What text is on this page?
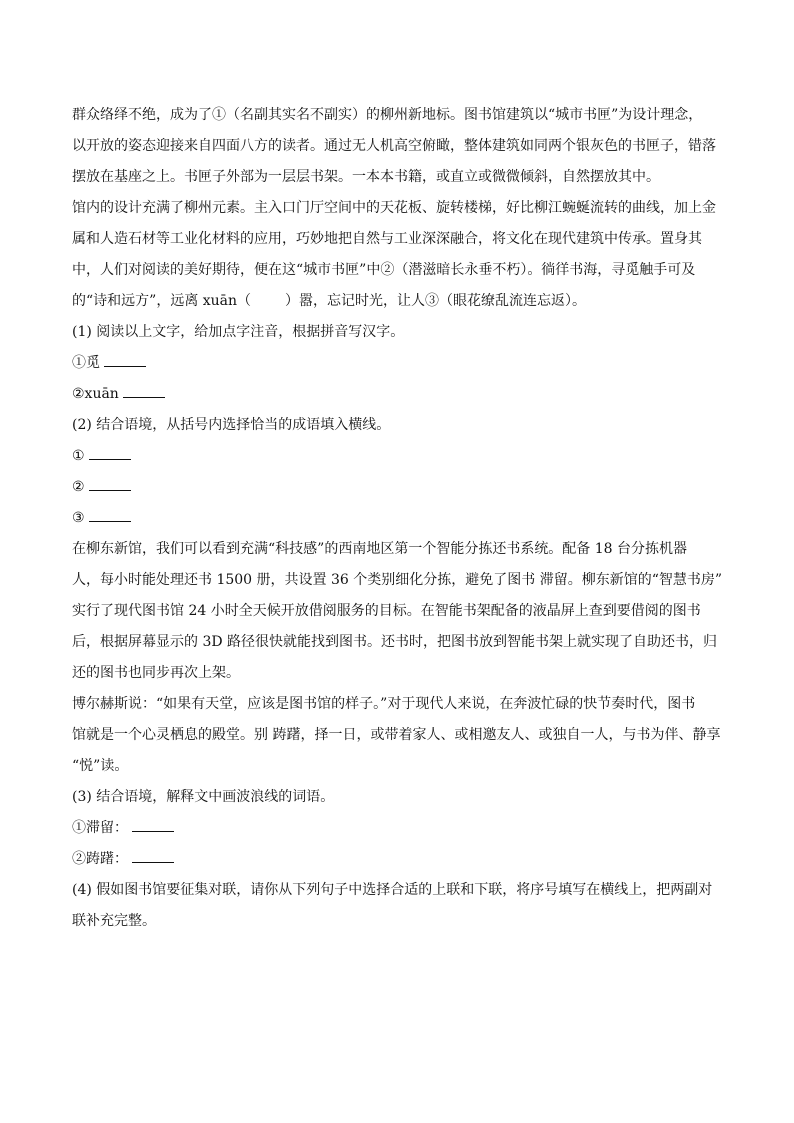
群众络绎不绝，成为了①（名副其实名不副实）的柳州新地标。图书馆建筑以“城市书匣”为设计理念，
以开放的姿态迎接来自四面八方的读者。通过无人机高空俯瞰，整体建筑如同两个银灰色的书匣子，错落
摆放在基座之上。书匣子外部为一层层书架。一本本书籍，或直立或微微倾斜，自然摆放其中。
馆内的设计充满了柳州元素。主入口门厅空间中的天花板、旋转楼梯，好比柳江蜿蜒流转的曲线，加上金
属和人造石材等工业化材料的应用，巧妙地把自然与工业深深融合，将文化在现代建筑中传承。置身其
中，人们对阅读的美好期待，便在这“城市书匣”中②（潜滋暗长永垂不朽）。徜徉书海，寻觅触手可及
的“诗和远方”，远离 xuān（ ）嚣，忘记时光，让人③（眼花缭乱流连忘返）。
(1) 阅读以上文字，给加点字注音，根据拼音写汉字。
①觅
②xuān
(2) 结合语境，从括号内选择恰当的成语填入横线。
①
②
③
在柳东新馆，我们可以看到充满“科技感”的西南地区第一个智能分拣还书系统。配备 18 台分拣机器
人，每小时能处理还书 1500 册，共设置 36 个类别细化分拣，避免了图书 滞留。柳东新馆的“智慧书房”
实行了现代图书馆 24 小时全天候开放借阅服务的目标。在智能书架配备的液晶屏上查到要借阅的图书
后，根据屏幕显示的 3D 路径很快就能找到图书。还书时，把图书放到智能书架上就实现了自助还书，归
还的图书也同步再次上架。
博尔赫斯说：“如果有天堂，应该是图书馆的样子。”对于现代人来说，在奔波忙碌的快节奏时代，图书
馆就是一个心灵栖息的殿堂。别 踌躇，择一日，或带着家人、或相邀友人、或独自一人，与书为伴、静享
“悦”读。
(3) 结合语境，解释文中画波浪线的词语。
①滞留：
②踌躇：
(4) 假如图书馆要征集对联，请你从下列句子中选择合适的上联和下联，将序号填写在横线上，把两副对
联补充完整。
